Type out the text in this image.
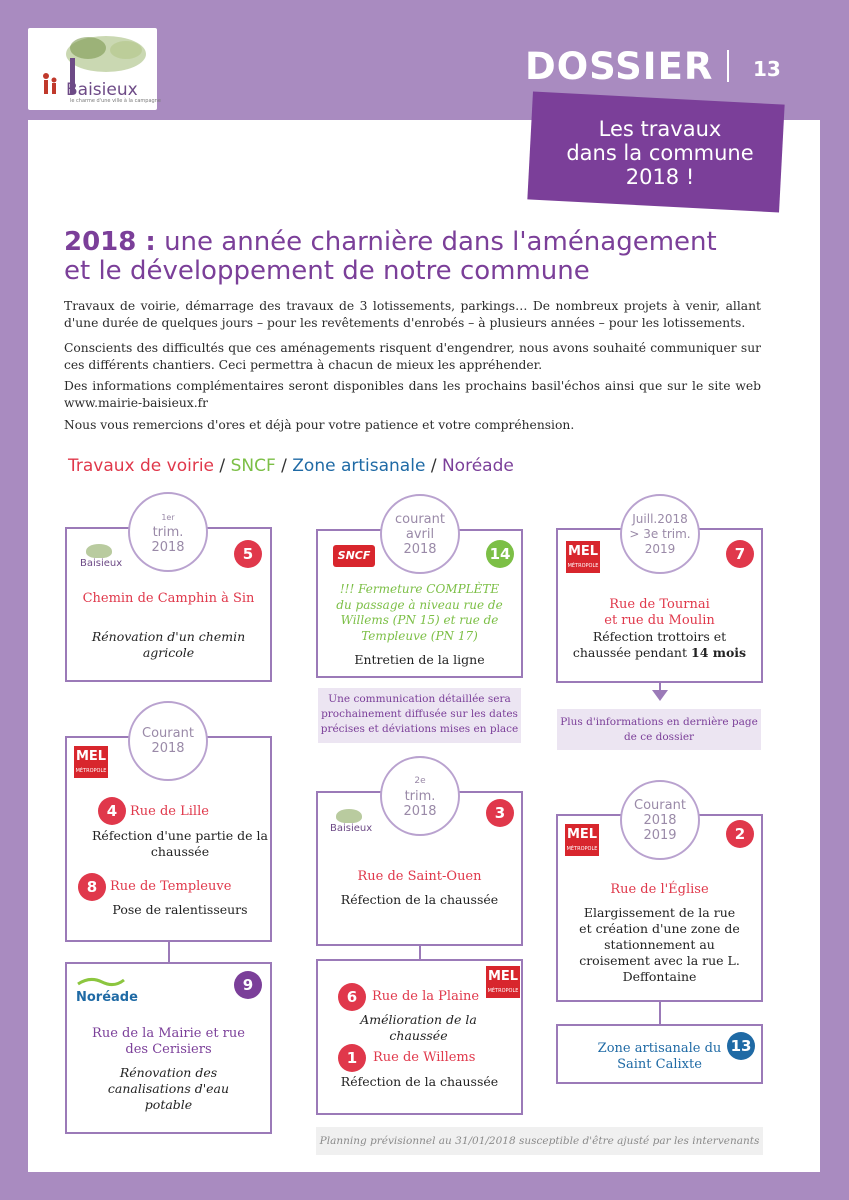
Baisieux
le charme d'une ville à la campagne
DOSSIER 13
Les travaux
dans la commune
2018 !
2018 : une année charnière dans l'aménagement
et le développement de notre commune
Travaux de voirie, démarrage des travaux de 3 lotissements, parkings… De nombreux projets à venir, allant d'une durée de quelques jours – pour les revêtements d'enrobés – à plusieurs années – pour les lotissements.
Conscients des difficultés que ces aménagements risquent d'engendrer, nous avons souhaité communiquer sur ces différents chantiers. Ceci permettra à chacun de mieux les appréhender.
Des informations complémentaires seront disponibles dans les prochains basil'échos ainsi que sur le site web www.mairie-baisieux.fr
Nous vous remercions d'ores et déjà pour votre patience et votre compréhension.
Travaux de voirie / SNCF / Zone artisanale / Noréade
1er
trim.
2018
Baisieux
5
Chemin de Camphin à Sin
Rénovation d'un chemin agricole
Courant
2018
MEL
MÉTROPOLE
4 Rue de Lille
Réfection d'une partie de la chaussée
8 Rue de Templeuve
Pose de ralentisseurs
Noréade
9
Rue de la Mairie et rue des Cerisiers
Rénovation des canalisations d'eau potable
courant
avril
2018
SNCF	14
!!! Fermeture COMPLÈTE du passage à niveau rue de Willems (PN 15) et rue de Templeuve (PN 17)
Entretien de la ligne
Une communication détaillée sera prochainement diffusée sur les dates précises et déviations mises en place
2e
trim.
2018
Baisieux
3
Rue de Saint-Ouen
Réfection de la chaussée
MEL
MÉTROPOLE
6	Rue de la Plaine
Amélioration de la chaussée
1	Rue de Willems
Réfection de la chaussée
Juill.2018
> 3e trim.
2019
MEL
MÉTROPOLE
7
Rue de Tournai et rue du Moulin
Réfection trottoirs et chaussée pendant 14 mois
Plus d'informations en dernière page de ce dossier
Courant
2018
2019
MEL
MÉTROPOLE
2
Rue de l'Église
Elargissement de la rue et création d'une zone de stationnement au croisement avec la rue L. Deffontaine
13
Zone artisanale du Saint Calixte
Planning prévisionnel au 31/01/2018 susceptible d'être ajusté par les intervenants
